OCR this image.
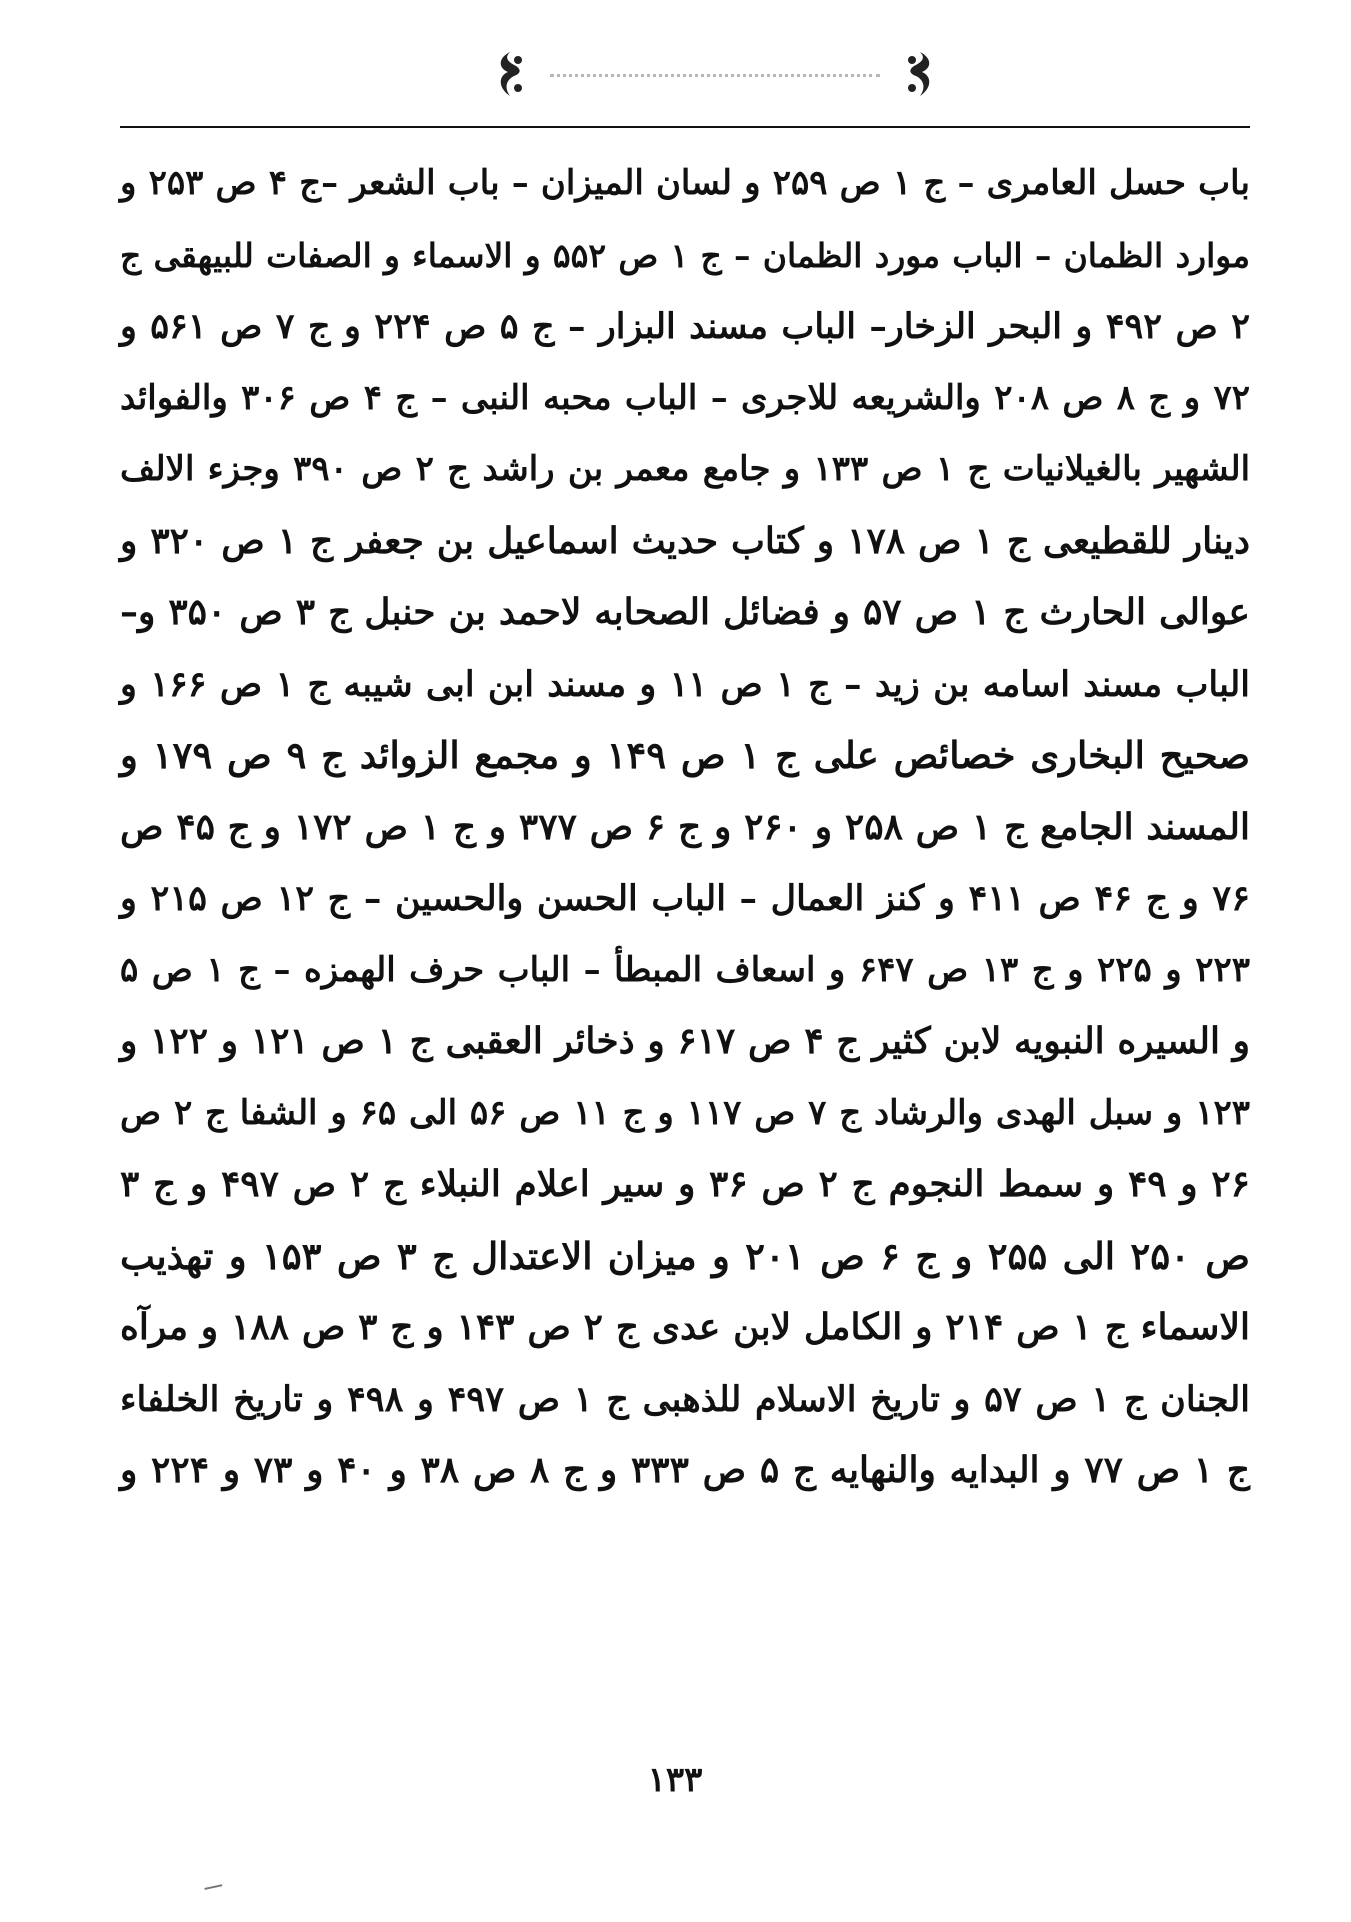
باب حسل العامری – ج ۱ ص ۲۵۹ و لسان المیزان – باب الشعر –ج ۴ ص ۲۵۳ و
موارد الظمان – الباب مورد الظمان – ج ۱ ص ۵۵۲ و الاسماء و الصفات للبیهقی ج
۲ ص ۴۹۲ و البحر الزخار– الباب مسند البزار – ج ۵ ص ۲۲۴ و ج ۷ ص ۵۶۱ و
۷۲ و ج ۸ ص ۲۰۸ والشریعه للاجری – الباب محبه النبی – ج ۴ ص ۳۰۶ والفوائد
الشهیر بالغیلانیات ج ۱ ص ۱۳۳ و جامع معمر بن راشد ج ۲ ص ۳۹۰ وجزء الالف
دینار للقطیعی ج ۱ ص ۱۷۸ و کتاب حدیث اسماعیل بن جعفر ج ۱ ص ۳۲۰ و
عوالی الحارث ج ۱ ص ۵۷ و فضائل الصحابه لاحمد بن حنبل ج ۳ ص ۳۵۰ و–
الباب مسند اسامه بن زید – ج ۱ ص ۱۱ و مسند ابن ابی شیبه ج ۱ ص ۱۶۶ و
صحیح البخاری خصائص علی ج ۱ ص ۱۴۹ و مجمع الزوائد ج ۹ ص ۱۷۹ و
المسند الجامع ج ۱ ص ۲۵۸ و ۲۶۰ و ج ۶ ص ۳۷۷ و ج ۱ ص ۱۷۲ و ج ۴۵ ص
۷۶ و ج ۴۶ ص ۴۱۱ و کنز العمال – الباب الحسن والحسین – ج ۱۲ ص ۲۱۵ و
۲۲۳ و ۲۲۵ و ج ۱۳ ص ۶۴۷ و اسعاف المبطأ – الباب حرف الهمزه – ج ۱ ص ۵
و السیره النبویه لابن کثیر ج ۴ ص ۶۱۷ و ذخائر العقبی ج ۱ ص ۱۲۱ و ۱۲۲ و
۱۲۳ و سبل الهدی والرشاد ج ۷ ص ۱۱۷ و ج ۱۱ ص ۵۶ الی ۶۵ و الشفا ج ۲ ص
۲۶ و ۴۹ و سمط النجوم ج ۲ ص ۳۶ و سیر اعلام النبلاء ج ۲ ص ۴۹۷ و ج ۳
ص ۲۵۰ الی ۲۵۵ و ج ۶ ص ۲۰۱ و میزان الاعتدال ج ۳ ص ۱۵۳ و تهذیب
الاسماء ج ۱ ص ۲۱۴ و الکامل لابن عدی ج ۲ ص ۱۴۳ و ج ۳ ص ۱۸۸ و مرآه
الجنان ج ۱ ص ۵۷ و تاریخ الاسلام للذهبی ج ۱ ص ۴۹۷ و ۴۹۸ و تاریخ الخلفاء
ج ۱ ص ۷۷ و البدایه والنهایه ج ۵ ص ۳۳۳ و ج ۸ ص ۳۸ و ۴۰ و ۷۳ و ۲۲۴ و
۱۳۳
